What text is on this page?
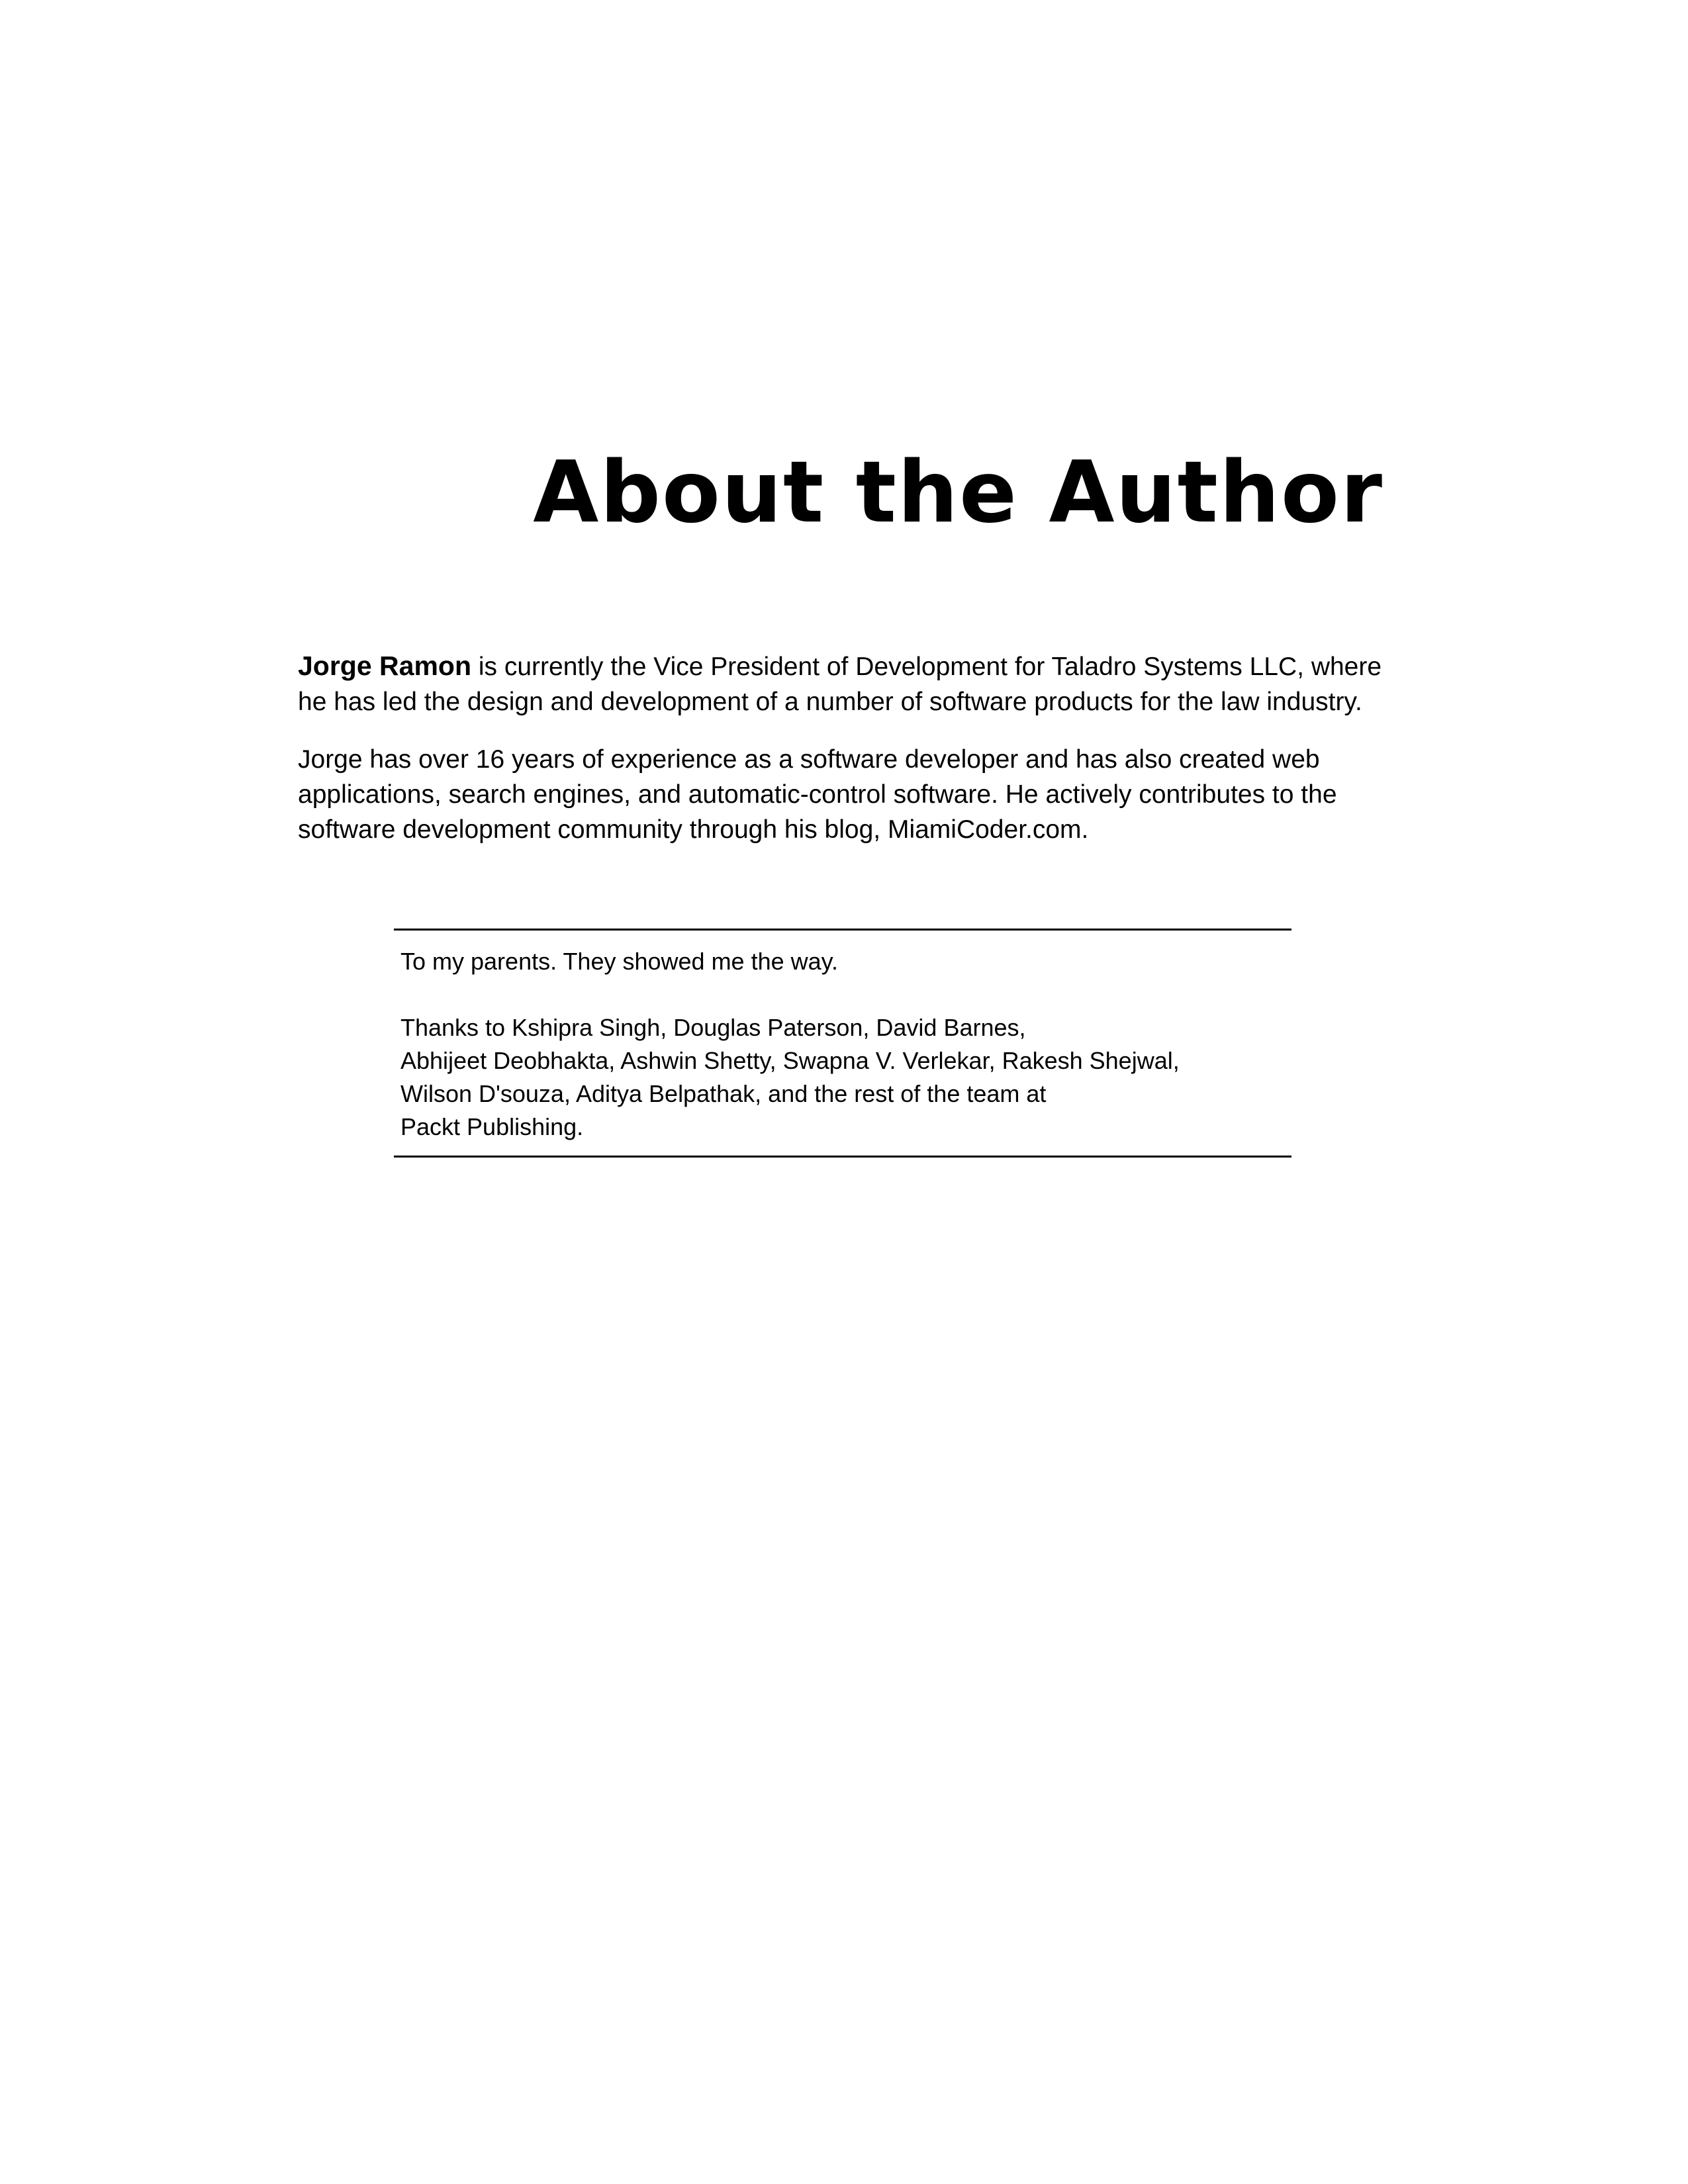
About the Author

Jorge Ramon is currently the Vice President of Development for Taladro Systems LLC, where he has led the design and development of a number of software products for the law industry.

Jorge has over 16 years of experience as a software developer and has also created web applications, search engines, and automatic-control software. He actively contributes to the software development community through his blog, MiamiCoder.com.

To my parents. They showed me the way.

Thanks to Kshipra Singh, Douglas Paterson, David Barnes,
Abhijeet Deobhakta, Ashwin Shetty, Swapna V. Verlekar, Rakesh Shejwal,
Wilson D'souza, Aditya Belpathak, and the rest of the team at
Packt Publishing.
